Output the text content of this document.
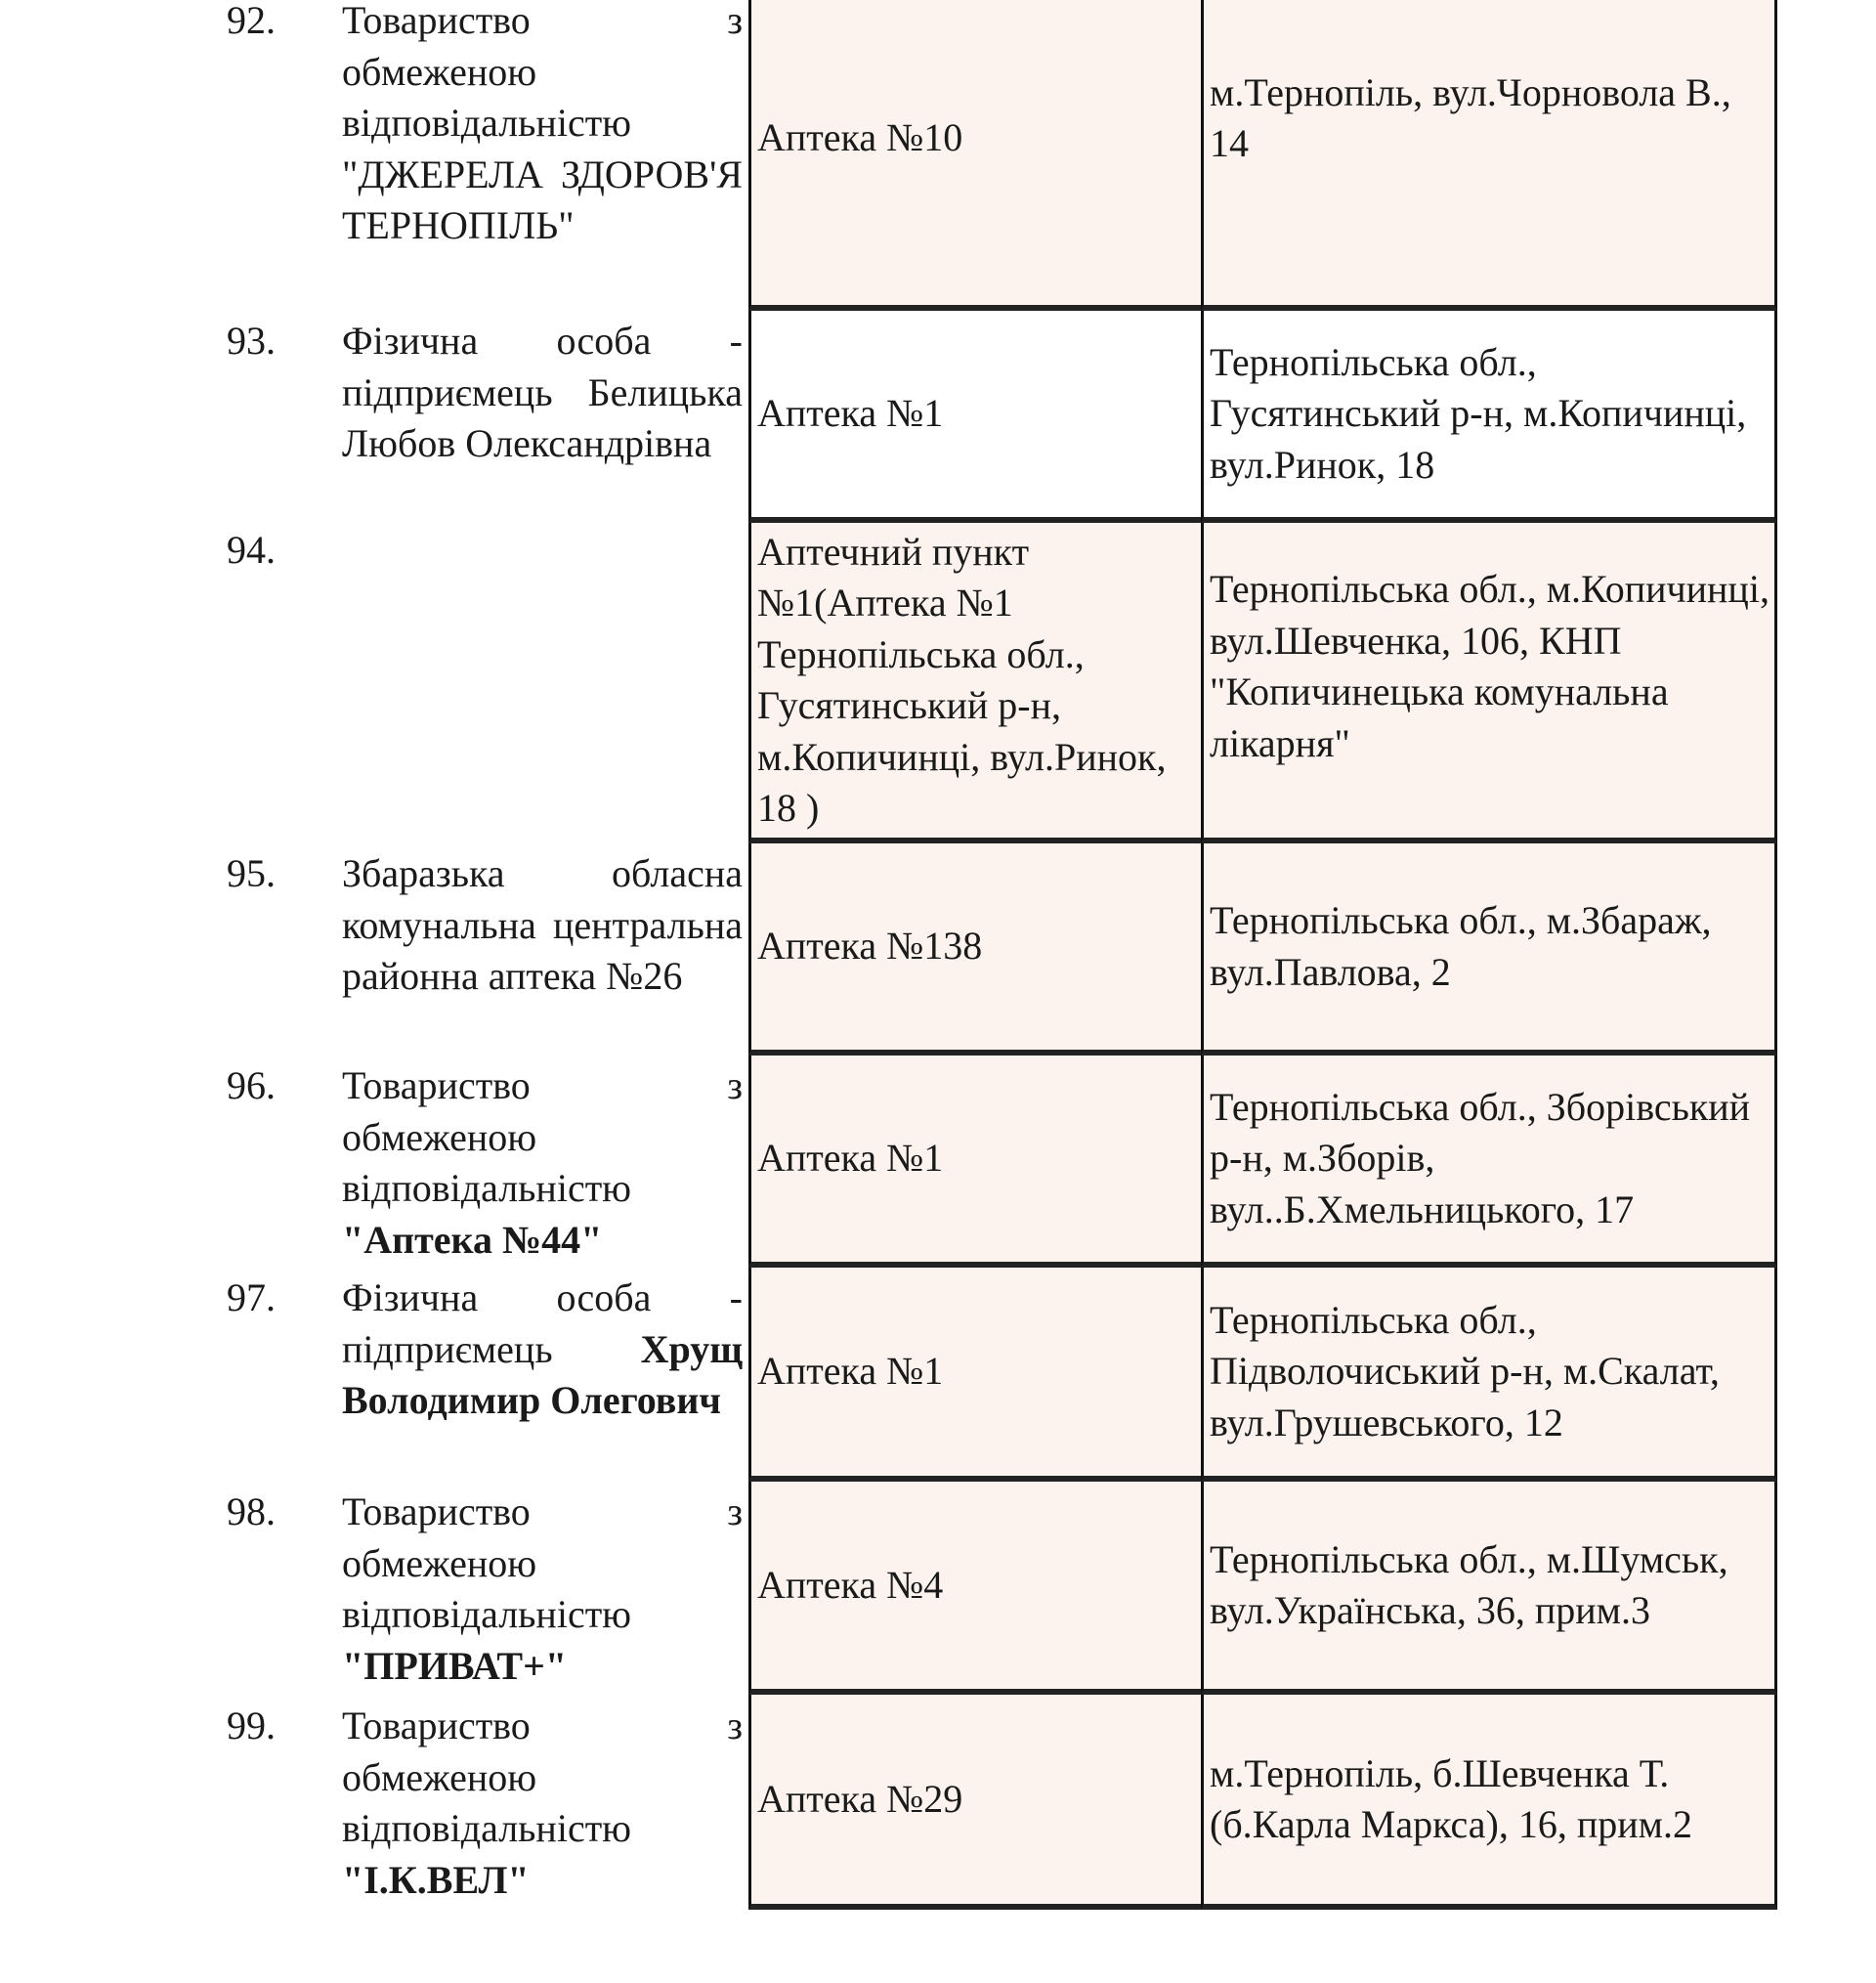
92. Товариство з обмеженою відповідальністю "ДЖЕРЕЛА ЗДОРОВ'Я ТЕРНОПІЛЬ"
Аптека №10
м.Тернопіль, вул.Чорновола В., 14
93. Фізична особа - підприємець Белицька Любов Олександрівна
Аптека №1
Тернопільська обл., Гусятинський р-н, м.Копичинці, вул.Ринок, 18
94.	Аптечний пункт №1(Аптека №1 Тернопільська обл., Гусятинський р-н, м.Копичинці, вул.Ринок, 18 )
Тернопільська обл., м.Копичинці, вул.Шевченка, 106, КНП "Копичинецька комунальна лікарня"
95. Збаразька обласна комунальна центральна районна аптека №26
Аптека №138
Тернопільська обл., м.Збараж, вул.Павлова, 2
96. Товариство з обмеженою відповідальністю "Аптека №44"
Аптека №1
Тернопільська обл., Зборівський р-н, м.Зборів, вул..Б.Хмельницького, 17
97. Фізична особа - підприємець Хрущ Володимир Олегович
Аптека №1
Тернопільська обл., Підволочиський р-н, м.Скалат, вул.Грушевського, 12
98. Товариство з обмеженою відповідальністю "ПРИВАТ+"
Аптека №4
Тернопільська обл., м.Шумськ, вул.Українська, 36, прим.3
99. Товариство з обмеженою відповідальністю "І.К.ВЕЛ"
Аптека №29
м.Тернопіль, б.Шевченка Т. (б.Карла Маркса), 16, прим.2
